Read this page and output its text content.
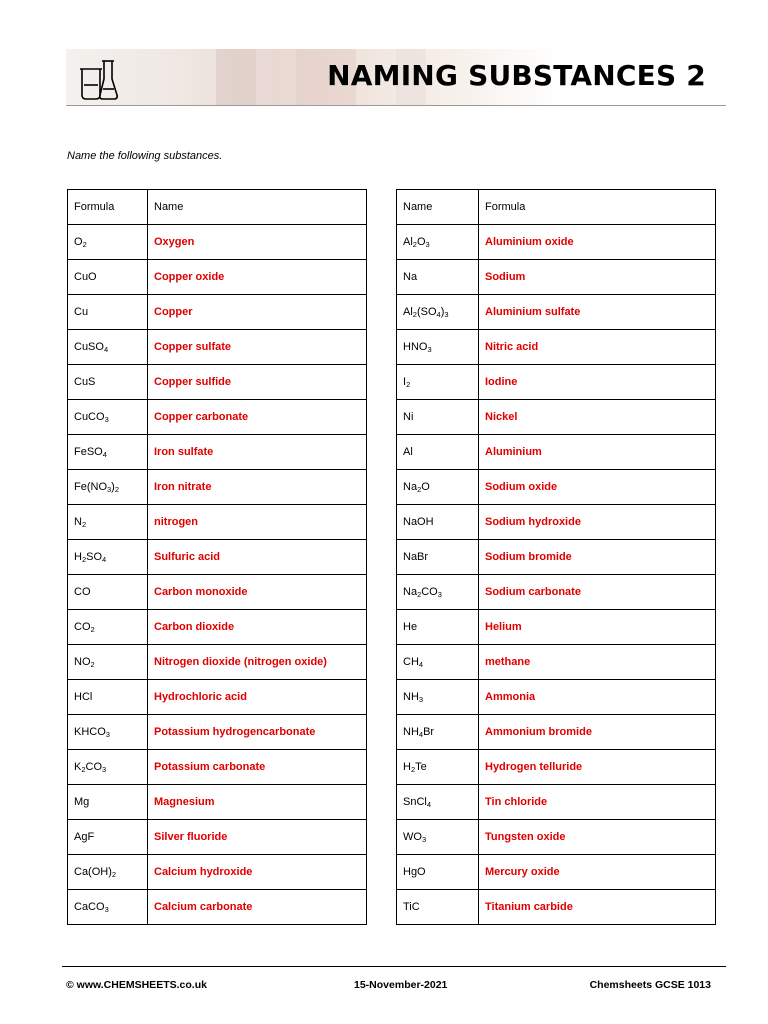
NAMING SUBSTANCES 2
Name the following substances.
Formula	Name
$O_2$	Oxygen
CuO	Copper oxide
Cu	Copper
CuSO$_4$	Copper sulfate
CuS	Copper sulfide
CuCO$_3$	Copper carbonate
FeSO$_4$	Iron sulfate
$Fe(NO_3)_2$	Iron nitrate
$N_2$	nitrogen
$H_2SO_4$	Sulfuric acid
CO	Carbon monoxide
$CO_2$	Carbon dioxide
$NO_2$	Nitrogen dioxide (nitrogen oxide)
HCl	Hydrochloric acid
$KHCO_3$	Potassium hydrogencarbonate
$K_2CO_3$	Potassium carbonate
Mg	Magnesium
AgF	Silver fluoride
$Ca(OH)_2$	Calcium hydroxide
CaCO$_3$	Calcium carbonate
Name	Formula
$Al_2O_3$	Aluminium oxide
Na	Sodium
$Al_2(SO_4)_3$	Aluminium sulfate
$HNO_3$	Nitric acid
$I_2$	Iodine
Ni	Nickel
Al	Aluminium
$Na_2O$	Sodium oxide
NaOH	Sodium hydroxide
NaBr	Sodium bromide
$Na_2CO_3$	Sodium carbonate
He	Helium
$CH_4$	methane
$NH_3$	Ammonia
$NH_4Br$	Ammonium bromide
$H_2Te$	Hydrogen telluride
SnCl$_4$	Tin chloride
$WO_3$	Tungsten oxide
HgO	Mercury oxide
TiC	Titanium carbide
© www.CHEMSHEETS.co.uk	15-November-2021	Chemsheets GCSE 1013
